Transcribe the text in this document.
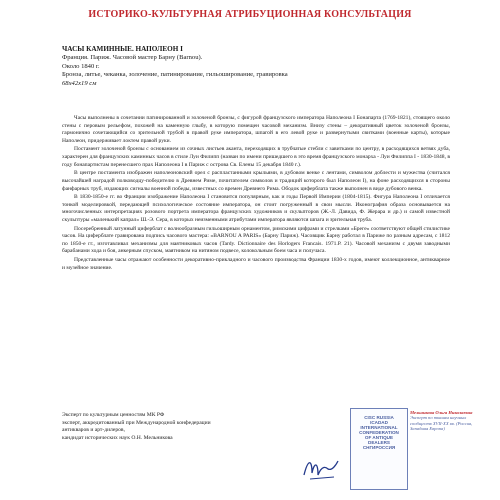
ИСТОРИКО-КУЛЬТУРНАЯ АТРИБУЦИОННАЯ КОНСУЛЬТАЦИЯ

ЧАСЫ КАМИННЫЕ. НАПОЛЕОН I

Франция. Париж. Часовой мастер Барну (Barnou).

Около 1840 г.

Бронза, литье, чеканка, золочение, патинирование, гильоширование, гравировка

68x42x19 см

Часы выполнены в сочетании патинированной и золоченой бронзы, с фигурой французского императора Наполеона I Бонапарта (1769-1821), стоящего около стены с перовым рельефом, похожей на каменную глыбу, в которую помещен часовой механизм. Внизу стены – декоративный цветок золоченой бронзы, гармонично сочетающийся со зрительной трубой в правой руке императора, шпагой в его левой руке и развернутыми свитками (военные карты), которые Наполеон, придерживает локтем правой руки.

Постамент золоченой бронзы с основанием из сочных листьев аканта, переходящих в трубчатые стебли с завитками по центру, в расходящихся ветвях дуба, характерен для французских каминных часов в стиле Луи Филипп (назван по имени пришедшего в это время французского монарха - Луи Филиппа I - 1830-1848, в году бонапартистам перенесшего прах Наполеона I в Париж с острова Св. Елены 15 декабря 1840 г.).

В центре постамента изображен наполеоновский орел с распластанными крыльями, в дубовом венке с лентами, символом доблести и мужества (считался высочайшей наградой полководцу-победителю в Древнем Риме, почитателем символов и традиций которого был Наполеон I), на фоне расходящихся в стороны фанфарных труб, издающих сигналы военной победы, известных со времен Древнего Рима. Ободок циферблата также выполнен в виде дубового венка.

В 1830-1850-е гг. во Франции изображение Наполеона I становится популярным, как и годы Первой Империи (1804-1815). Фигура Наполеона I отличается тонкой моделировкой, передающей психологическое состояние императора, он стоит погруженный в свои мысли. Иконография образа основывается на многочисленных интерпретациях розового портрета императора французских художников и скульпторов (Ж.-Л. Давида, Ф. Жерара и др.) и самой известной скульптуры «маленький капрал» Ш.-Э. Сера, в которых неизменными атрибутами императора являются шпага и зрительная труба.

Посеребренный латунный циферблат с волнообразным гильоширным орнаментом, римскими цифрами и стрелками «Бреге» соответствуют общей стилистике часов. На циферблате гравирована подпись часового мастера: «BARNOU A PARIS» (Барну Париж). Часовщик Барну работал в Париже по разным адресам, с 1812 по 1850-е гг., изготавливал механизмы для маятниковых часов (Tardy. Dictionnaire des Horlogers Francais. 1971.P. 21). Часовой механизм с двумя заводными барабанами хода и боя, анкерным спуском, маятником на нитяном подвесе, колокольным боем часа и получаса.

Представленные часы отражают особенности декоративно-прикладного и часового производства Франции 1830-х годов, имеют коллекционное, антикварное и музейное значение.

Эксперт по культурным ценностям МК РФ
эксперт, аккредитованный при Международной конфедерации
антикваров и арт-дилеров,
кандидат исторических наук О.Н. Мельникова
CISC RUSSIA
ICADAD
INTERNATIONAL
CONFEDERATION
OF ANTIQUE
DEALERS
СНГИРОССИЯ
Мельникова Ольга Николаевна
Эксперт по тканям научных сообществ XVII-XX вв. (Россия, Западная Европа)
